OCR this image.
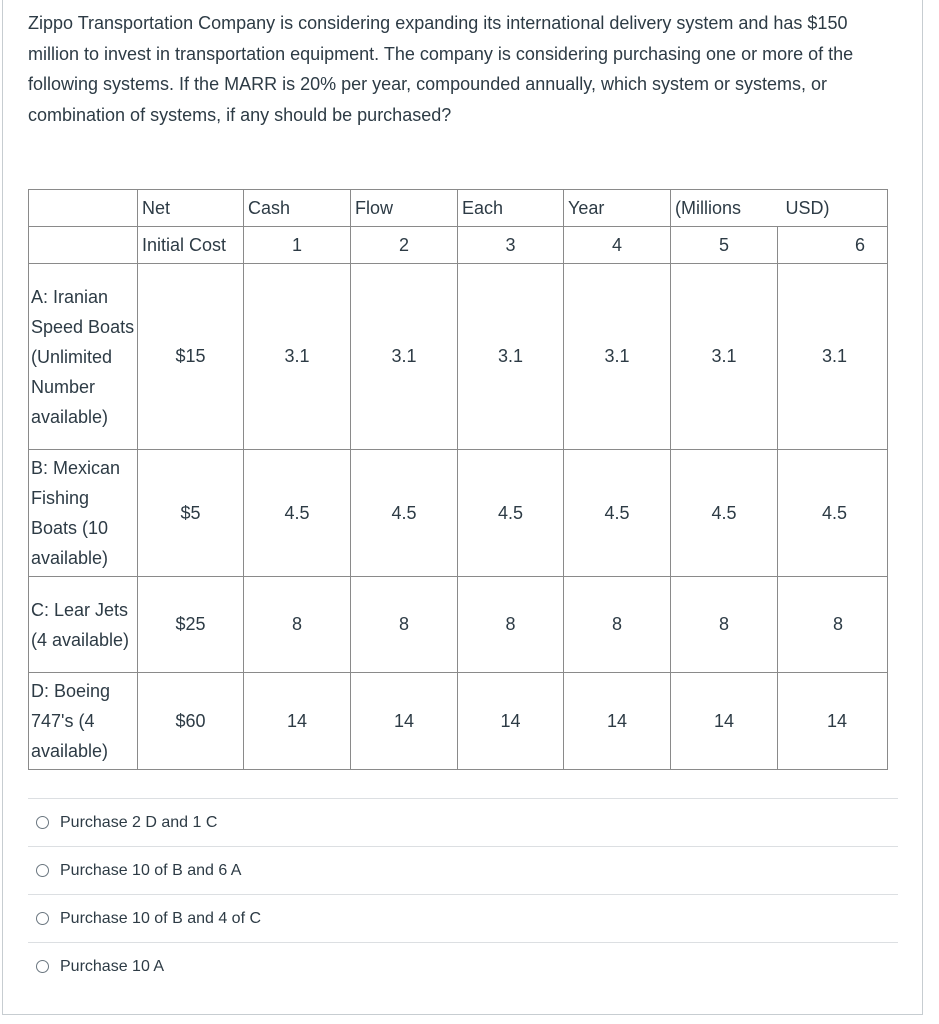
Zippo Transportation Company is considering expanding its international delivery system and has $150 million to invest in transportation equipment. The company is considering purchasing one or more of the following systems. If the MARR is 20% per year, compounded annually, which system or systems, or combination of systems, if any should be purchased?
	Net	Cash	Flow	Each	Year	(Millions	USD)
	Initial Cost	1	2	3	4	5	6
A: Iranian Speed Boats (Unlimited Number available)	$15	3.1	3.1	3.1	3.1	3.1	3.1
B: Mexican Fishing Boats (10 available)	$5	4.5	4.5	4.5	4.5	4.5	4.5
C: Lear Jets (4 available)	$25	8	8	8	8	8	8
D: Boeing 747's (4 available)	$60	14	14	14	14	14	14
Purchase 2 D and 1 C
Purchase 10 of B and 6 A
Purchase 10 of B and 4 of C
Purchase 10 A
